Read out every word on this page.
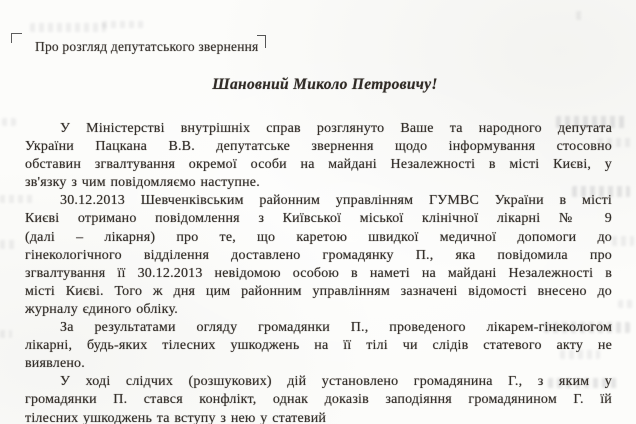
Про розгляд депутатського звернення
Шановний Миколо Петровичу!

У Міністерстві внутрішніх справ розглянуто Ваше та народного депутата
України Пацкана В.В. депутатське звернення щодо інформування стосовно
обставин згвалтування окремої особи на майдані Незалежності в місті Києві, у
зв'язку з чим повідомляємо наступне.

30.12.2013 Шевченківським районним управлінням ГУМВС України в місті
Києві отримано повідомлення з Київської міської клінічної лікарні № 9
(далі – лікарня) про те, що каретою швидкої медичної допомоги до
гінекологічного відділення доставлено громадянку П., яка повідомила про
згвалтування її 30.12.2013 невідомою особою в наметі на майдані Незалежності в
місті Києві. Того ж дня цим районним управлінням зазначені відомості внесено до
журналу єдиного обліку.

За результатами огляду громадянки П., проведеного лікарем-гінекологом
лікарні, будь-яких тілесних ушкоджень на її тілі чи слідів статевого акту не
виявлено.

У ході слідчих (розшукових) дій установлено громадянина Г., з яким у
громадянки П. стався конфлікт, однак доказів заподіяння громадянином Г. їй
тілесних ушкоджень та вступу з нею у статевий
